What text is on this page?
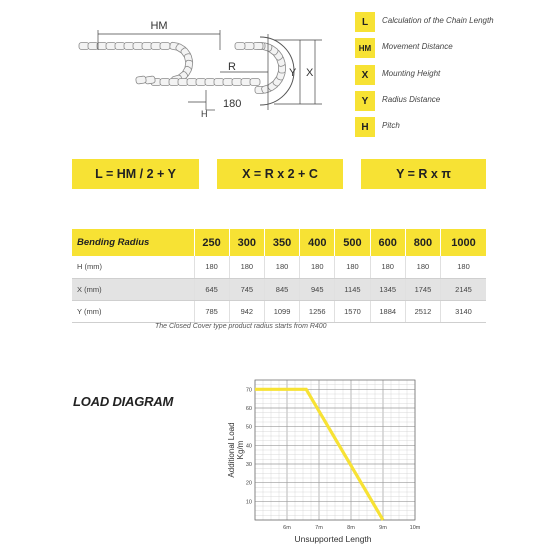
HM
R	Y X
H
180
L	Calculation of the Chain Length
HM	Movement Distance
X	Mounting Height
Y	Radius Distance
H	Pitch
L = HM / 2 + Y	X = R x 2 + C	Y = R x π
Bending Radius	250	300	350	400	500	600	800	1000
H (mm)	180	180	180	180	180	180	180	180
X (mm)	645	745	845	945	1145	1345	1745	2145
Y (mm)	785	942	1099	1256	1570	1884	2512	3140
The Closed Cover type product radius starts from R400
LOAD DIAGRAM
6m	7m	8m	9m	10m
10
20
30
40
50
60
70
Additional LoadKg/m
Unsupported Length
